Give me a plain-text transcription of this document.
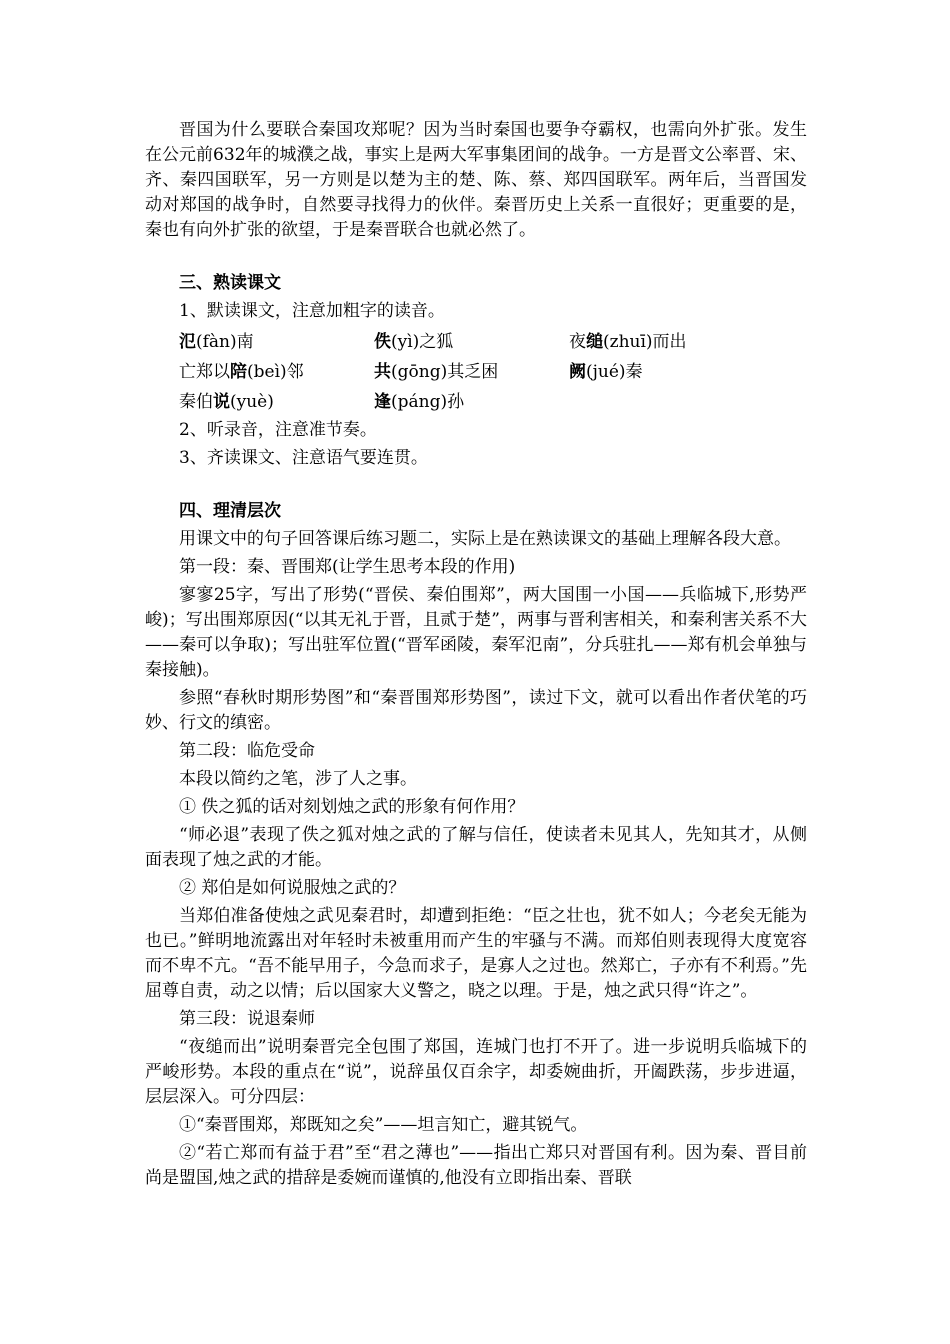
晋国为什么要联合秦国攻郑呢？因为当时秦国也要争夺霸权，也需向外扩张。发生在公元前632年的城濮之战，事实上是两大军事集团间的战争。一方是晋文公率晋、宋、齐、秦四国联军，另一方则是以楚为主的楚、陈、蔡、郑四国联军。两年后，当晋国发动对郑国的战争时，自然要寻找得力的伙伴。秦晋历史上关系一直很好；更重要的是，秦也有向外扩张的欲望，于是秦晋联合也就必然了。

三、熟读课文

1、默读课文，注意加粗字的读音。

氾(fàn)南	佚(yì)之狐	夜缒(zhuī)而出
亡郑以陪(beì)邻	共(gōng)其乏困	阙(jué)秦
秦伯说(yuè)	逢(páng)孙

2、听录音，注意准节奏。

3、齐读课文、注意语气要连贯。

四、理清层次

用课文中的句子回答课后练习题二，实际上是在熟读课文的基础上理解各段大意。

第一段：秦、晋围郑(让学生思考本段的作用)

寥寥25字，写出了形势(“晋侯、秦伯围郑”，两大国围一小国——兵临城下,形势严峻)；写出围郑原因(“以其无礼于晋，且贰于楚”，两事与晋利害相关，和秦利害关系不大——秦可以争取)；写出驻军位置(“晋军函陵，秦军氾南”，分兵驻扎——郑有机会单独与秦接触)。

参照“春秋时期形势图”和“秦晋围郑形势图”，读过下文，就可以看出作者伏笔的巧妙、行文的缜密。

第二段：临危受命

本段以简约之笔，涉了人之事。

① 佚之狐的话对刻划烛之武的形象有何作用？

“师必退”表现了佚之狐对烛之武的了解与信任，使读者未见其人，先知其才，从侧面表现了烛之武的才能。

② 郑伯是如何说服烛之武的？

当郑伯准备使烛之武见秦君时，却遭到拒绝：“臣之壮也，犹不如人；今老矣无能为也已。”鲜明地流露出对年轻时未被重用而产生的牢骚与不满。而郑伯则表现得大度宽容而不卑不亢。“吾不能早用子，今急而求子，是寡人之过也。然郑亡，子亦有不利焉。”先屈尊自责，动之以情；后以国家大义警之，晓之以理。于是，烛之武只得“许之”。

第三段：说退秦师

“夜缒而出”说明秦晋完全包围了郑国，连城门也打不开了。进一步说明兵临城下的严峻形势。本段的重点在“说”，说辞虽仅百余字，却委婉曲折，开阖跌荡，步步进逼，层层深入。可分四层：

①“秦晋围郑，郑既知之矣”——坦言知亡，避其锐气。

②“若亡郑而有益于君”至“君之薄也”——指出亡郑只对晋国有利。因为秦、晋目前尚是盟国,烛之武的措辞是委婉而谨慎的,他没有立即指出秦、晋联
